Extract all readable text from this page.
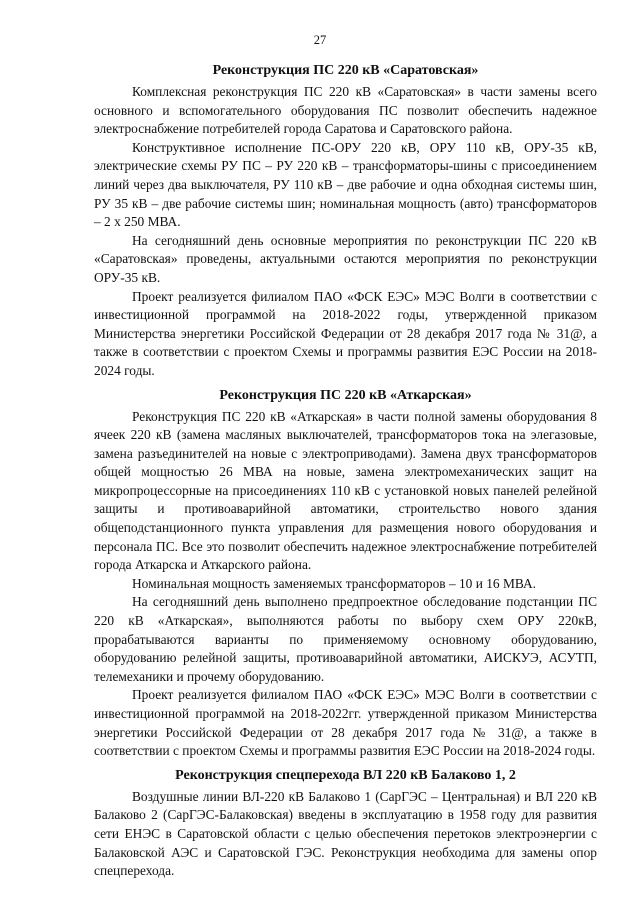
27
Реконструкция ПС 220 кВ «Саратовская»

Комплексная реконструкция ПС 220 кВ «Саратовская» в части замены всего основного и вспомогательного оборудования ПС позволит обеспечить надежное электроснабжение потребителей города Саратова и Саратовского района.

Конструктивное исполнение ПС-ОРУ 220 кВ, ОРУ 110 кВ, ОРУ-35 кВ, электрические схемы РУ ПС – РУ 220 кВ – трансформаторы-шины с присоединением линий через два выключателя, РУ 110 кВ – две рабочие и одна обходная системы шин, РУ 35 кВ – две рабочие системы шин; номинальная мощность (авто) трансформаторов – 2 х 250 МВА.

На сегодняшний день основные мероприятия по реконструкции ПС 220 кВ «Саратовская» проведены, актуальными остаются мероприятия по реконструкции ОРУ-35 кВ.

Проект реализуется филиалом ПАО «ФСК ЕЭС» МЭС Волги в соответствии с инвестиционной программой на 2018-2022 годы, утвержденной приказом Министерства энергетики Российской Федерации от 28 декабря 2017 года № 31@, а также в соответствии с проектом Схемы и программы развития ЕЭС России на 2018-2024 годы.

Реконструкция ПС 220 кВ «Аткарская»

Реконструкция ПС 220 кВ «Аткарская» в части полной замены оборудования 8 ячеек 220 кВ (замена масляных выключателей, трансформаторов тока на элегазовые, замена разъединителей на новые с электроприводами). Замена двух трансформаторов общей мощностью 26 МВА на новые, замена электромеханических защит на микропроцессорные на присоединениях 110 кВ с установкой новых панелей релейной защиты и противоаварийной автоматики, строительство нового здания общеподстанционного пункта управления для размещения нового оборудования и персонала ПС. Все это позволит обеспечить надежное электроснабжение потребителей города Аткарска и Аткарского района.

Номинальная мощность заменяемых трансформаторов – 10 и 16 МВА.

На сегодняшний день выполнено предпроектное обследование подстанции ПС 220 кВ «Аткарская», выполняются работы по выбору схем ОРУ 220кВ, прорабатываются варианты по применяемому основному оборудованию, оборудованию релейной защиты, противоаварийной автоматики, АИСКУЭ, АСУТП, телемеханики и прочему оборудованию.

Проект реализуется филиалом ПАО «ФСК ЕЭС» МЭС Волги в соответствии с инвестиционной программой на 2018-2022гг. утвержденной приказом Министерства энергетики Российской Федерации от 28 декабря 2017 года № 31@, а также в соответствии с проектом Схемы и программы развития ЕЭС России на 2018-2024 годы.

Реконструкция спецперехода ВЛ 220 кВ Балаково 1, 2

Воздушные линии ВЛ-220 кВ Балаково 1 (СарГЭС – Центральная) и ВЛ 220 кВ Балаково 2 (СарГЭС-Балаковская) введены в эксплуатацию в 1958 году для развития сети ЕНЭС в Саратовской области с целью обеспечения перетоков электроэнергии с Балаковской АЭС и Саратовской ГЭС. Реконструкция необходима для замены опор спецперехода.
